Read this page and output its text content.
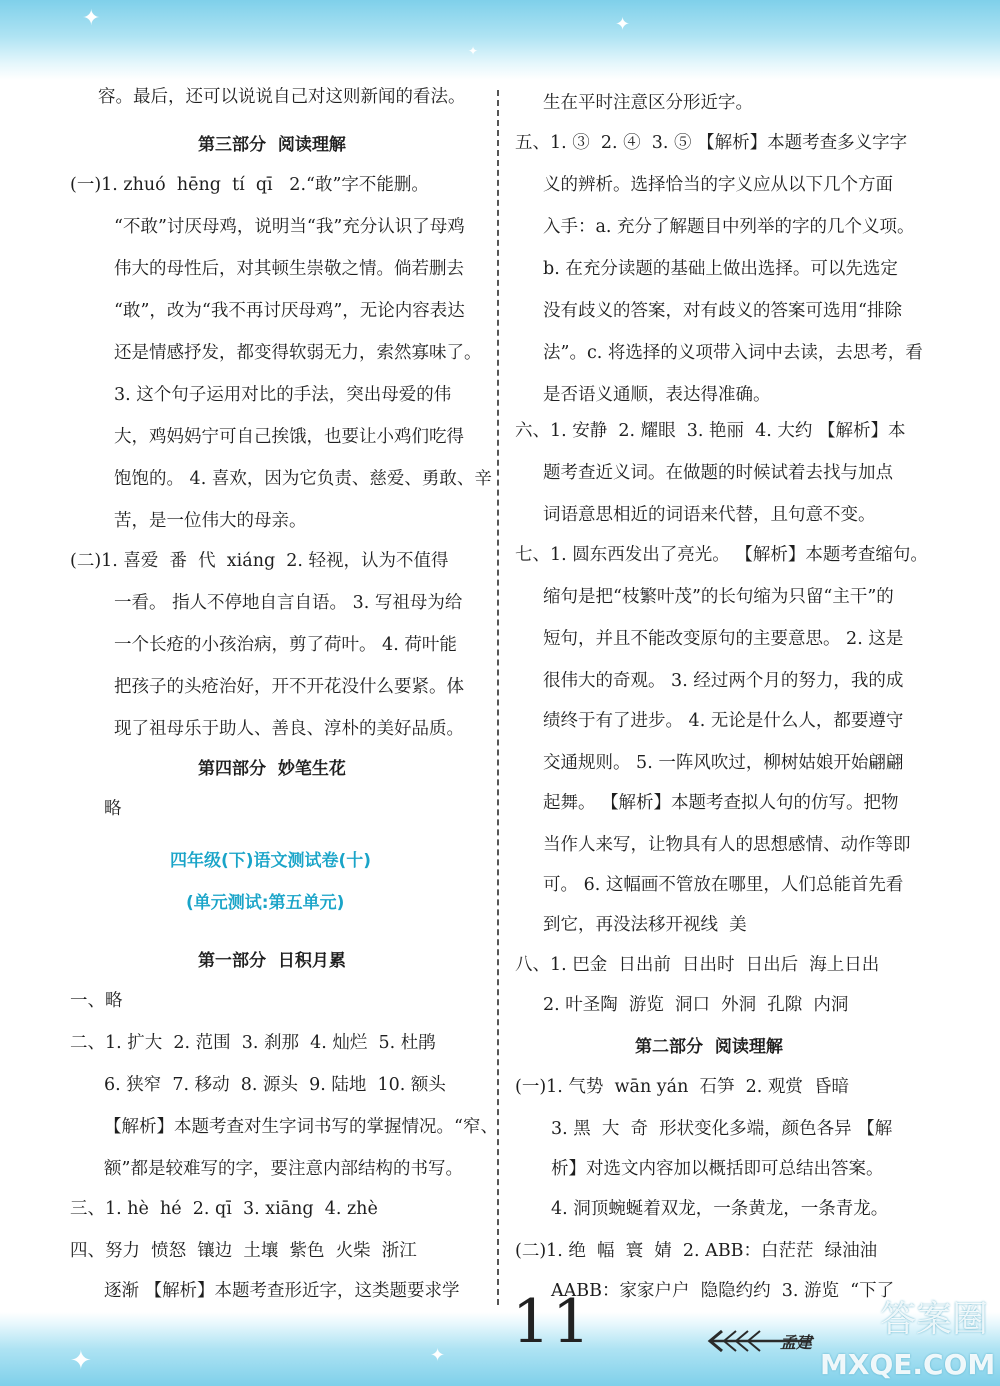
✦	✦
✦
容。最后，还可以说说自己对这则新闻的看法。
第三部分  阅读理解
(一)1. zhuó  hēng  tí  qī   2.“敢”字不能删。
“不敢”讨厌母鸡，说明当“我”充分认识了母鸡
伟大的母性后，对其顿生崇敬之情。倘若删去
“敢”，改为“我不再讨厌母鸡”，无论内容表达
还是情感抒发，都变得软弱无力，索然寡味了。
3. 这个句子运用对比的手法，突出母爱的伟
大，鸡妈妈宁可自己挨饿，也要让小鸡们吃得
饱饱的。 4. 喜欢，因为它负责、慈爱、勇敢、辛
苦，是一位伟大的母亲。
(二)1. 喜爱  番  代  xiáng  2. 轻视，认为不值得
一看。 指人不停地自言自语。 3. 写祖母为给
一个长疮的小孩治病，剪了荷叶。 4. 荷叶能
把孩子的头疮治好，开不开花没什么要紧。体
现了祖母乐于助人、善良、淳朴的美好品质。
第四部分  妙笔生花
略
四年级(下)语文测试卷(十)
(单元测试:第五单元)
第一部分  日积月累
一、略
二、1. 扩大  2. 范围  3. 刹那  4. 灿烂  5. 杜鹃
6. 狭窄  7. 移动  8. 源头  9. 陆地  10. 额头
【解析】本题考查对生字词书写的掌握情况。“窄、
额”都是较难写的字，要注意内部结构的书写。
三、1. hè  hé  2. qī  3. xiāng  4. zhè
四、努力  愤怒  镶边  土壤  紫色  火柴  浙江
逐渐 【解析】本题考查形近字，这类题要求学
生在平时注意区分形近字。
五、1. ③  2. ④  3. ⑤ 【解析】本题考查多义字字
义的辨析。选择恰当的字义应从以下几个方面
入手：a. 充分了解题目中列举的字的几个义项。
b. 在充分读题的基础上做出选择。可以先选定
没有歧义的答案，对有歧义的答案可选用“排除
法”。c. 将选择的义项带入词中去读，去思考，看
是否语义通顺，表达得准确。
六、1. 安静  2. 耀眼  3. 艳丽  4. 大约 【解析】本
题考查近义词。在做题的时候试着去找与加点
词语意思相近的词语来代替，且句意不变。
七、1. 圆东西发出了亮光。 【解析】本题考查缩句。
缩句是把“枝繁叶茂”的长句缩为只留“主干”的
短句，并且不能改变原句的主要意思。 2. 这是
很伟大的奇观。 3. 经过两个月的努力，我的成
绩终于有了进步。 4. 无论是什么人，都要遵守
交通规则。 5. 一阵风吹过，柳树姑娘开始翩翩
起舞。 【解析】本题考查拟人句的仿写。把物
当作人来写，让物具有人的思想感情、动作等即
可。 6. 这幅画不管放在哪里，人们总能首先看
到它，再没法移开视线  美
八、1. 巴金  日出前  日出时  日出后  海上日出
2. 叶圣陶  游览  洞口  外洞  孔隙  内洞
第二部分  阅读理解
(一)1. 气势  wān yán  石笋  2. 观赏  昏暗
3. 黑  大  奇  形状变化多端，颜色各异 【解
析】对选文内容加以概括即可总结出答案。
4. 洞顶蜿蜒着双龙，一条黄龙，一条青龙。
(二)1. 绝  幅  寰  婧  2. ABB：白茫茫  绿油油
AABB：家家户户  隐隐约约  3. 游览  “下了
✦	✦ 11	孟建
答案圈
MXQE.COM
